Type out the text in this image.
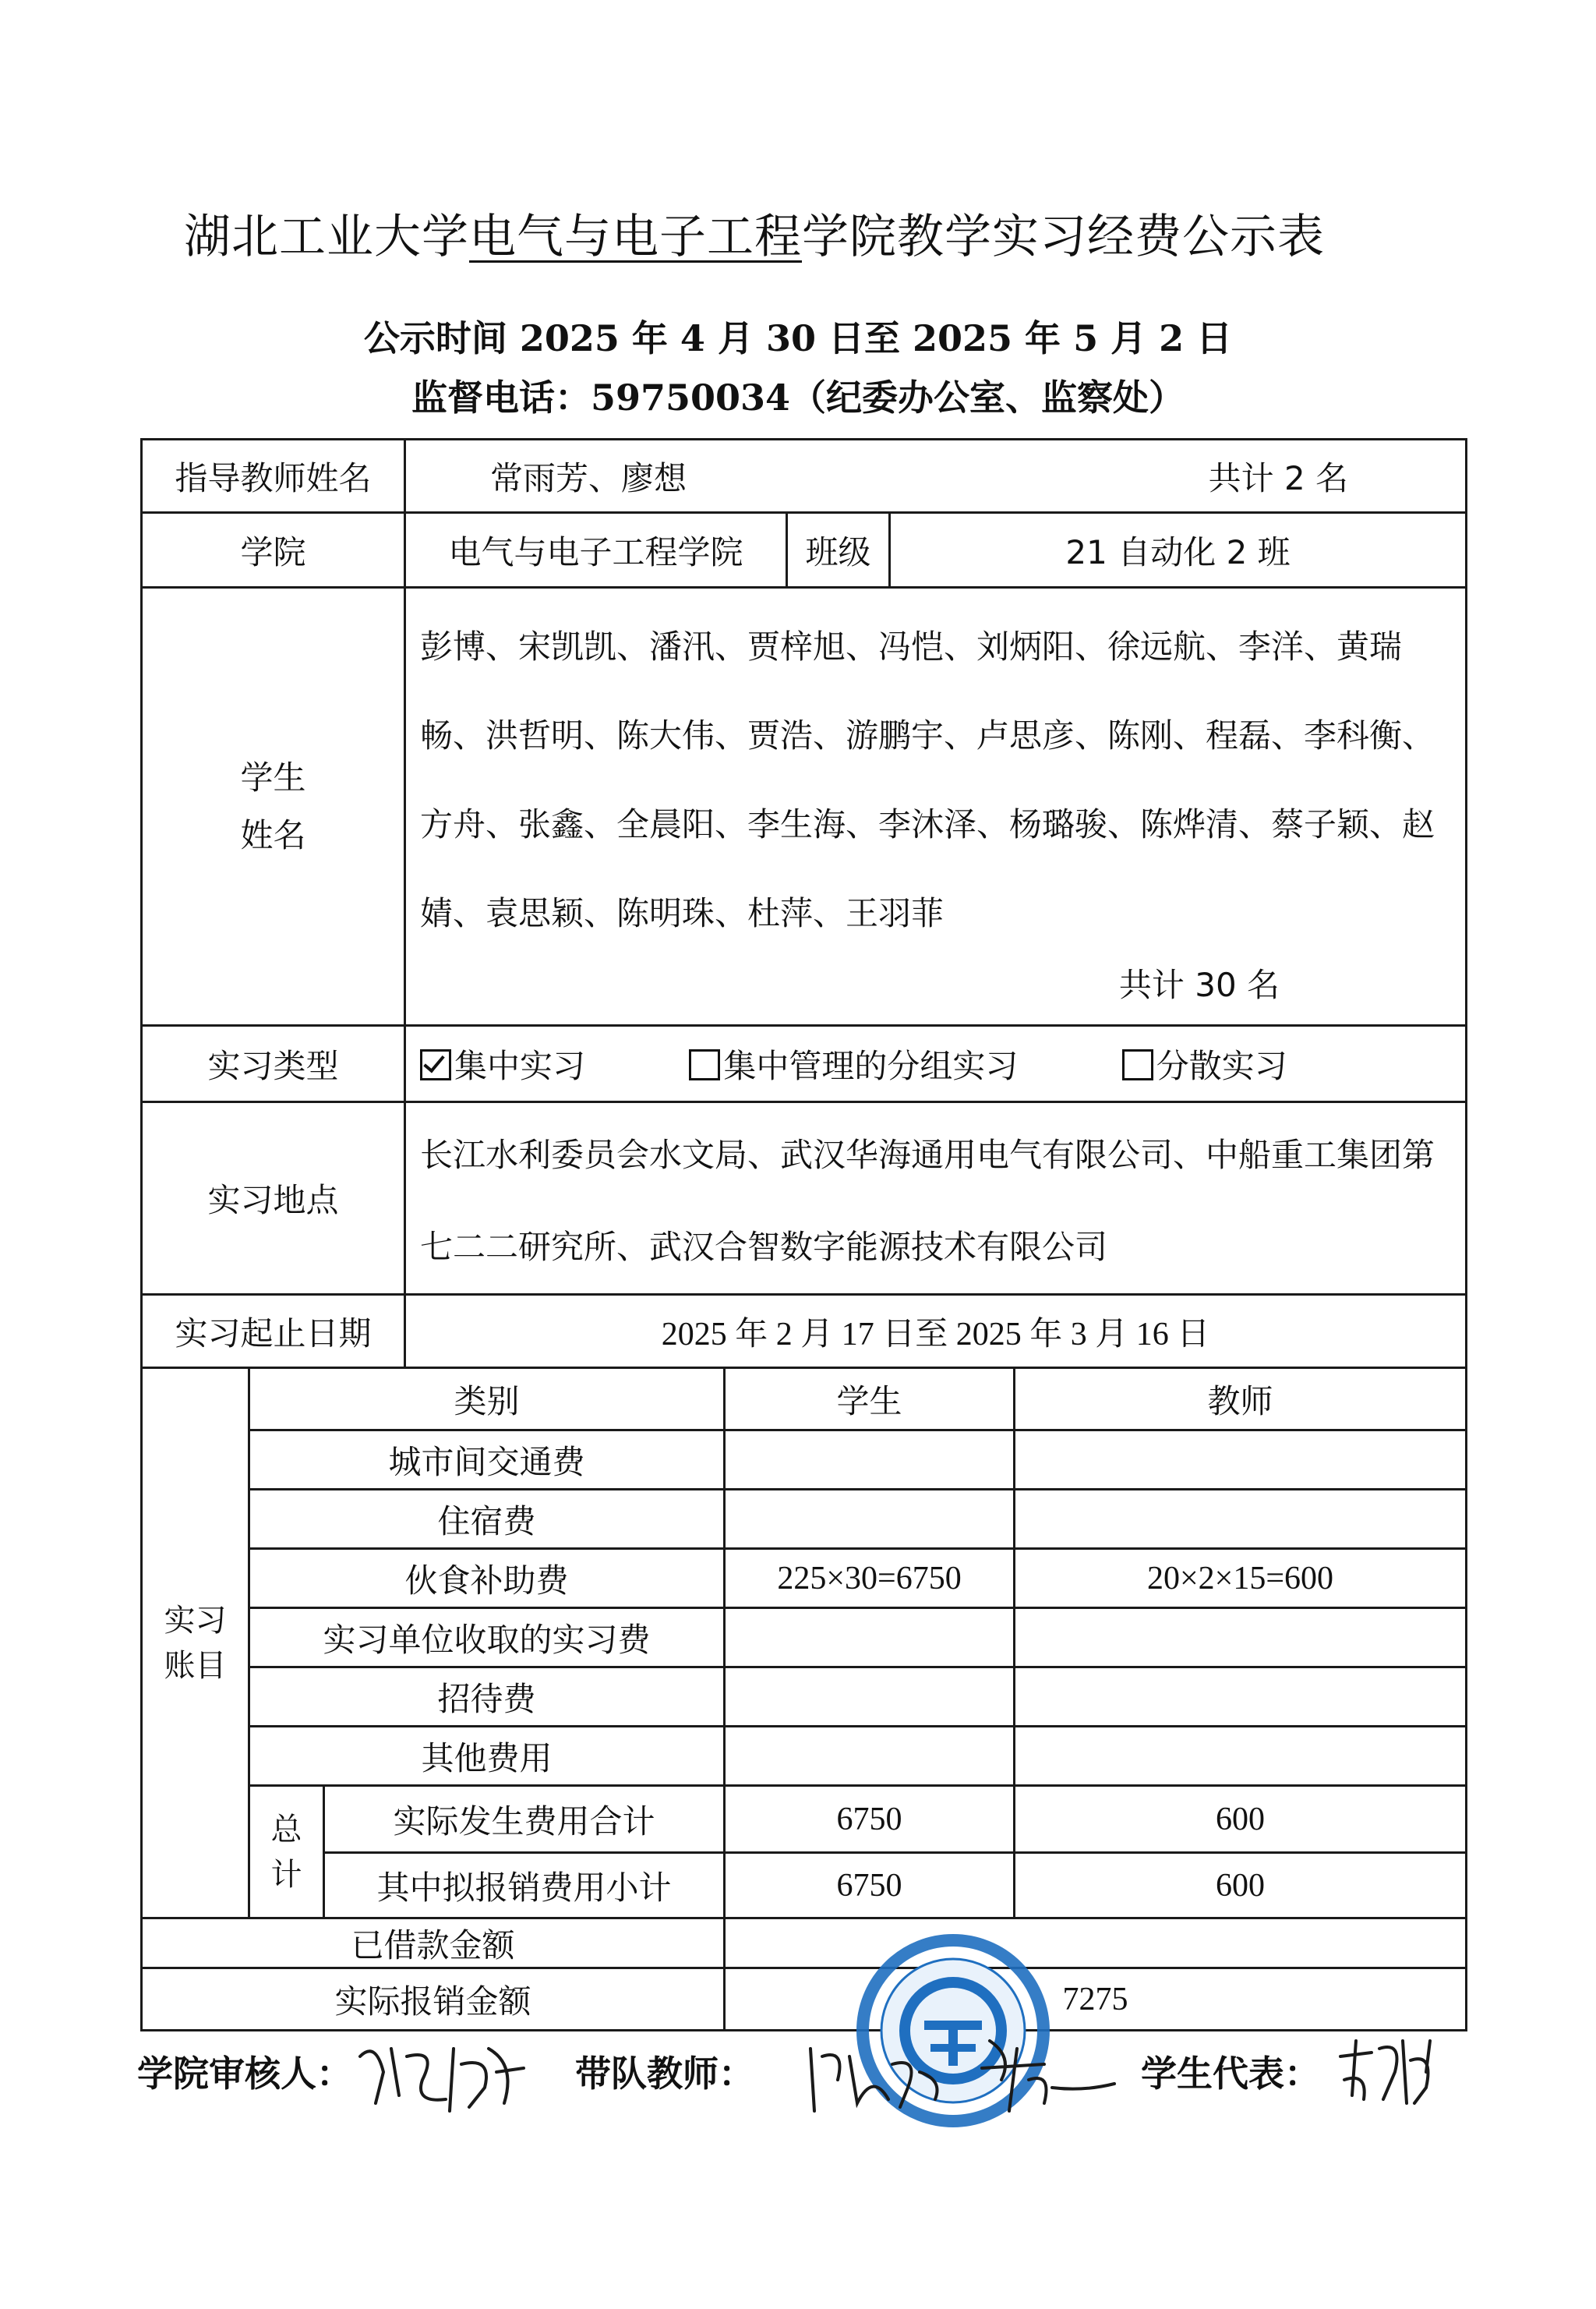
湖北工业大学电气与电子工程学院教学实习经费公示表
公示时间 2025 年 4 月 30 日至 2025 年 5 月 2 日
监督电话：59750034（纪委办公室、监察处）
指导教师姓名			常雨芳、廖想 共计 2 名				

学院			电气与电子工程学院		班级	21 自动化 2 班	
学生姓名			彭博、宋凯凯、潘汛、贾梓旭、冯恺、刘炳阳、徐远航、李洋、黄瑞畅、洪哲明、陈大伟、贾浩、游鹏宇、卢思彦、陈刚、程磊、李科衡、方舟、张鑫、全晨阳、李生海、李沐泽、杨璐骏、陈烨清、蔡子颖、赵婧、袁思颖、陈明珠、杜萍、王羽菲
共计 30 名				

实习类型			集中实习 集中管理的分组实习 分散实习				
实习地点			长江水利委员会水文局、武汉华海通用电气有限公司、中船重工集团第七二二研究所、武汉合智数字能源技术有限公司				

实习起止日期			2025 年 2 月 17 日至 2025 年 3 月 16 日				
实习账目	类别			学生			教师
	城市间交通费						
	住宿费						
	伙食补助费			225×30=6750			20×2×15=600
	实习单位收取的实习费						
	招待费						
	其他费用						
	总计	实际发生费用合计		6750			600
		其中拟报销费用小计		6750			600
已借款金额							
实际报销金额				7275			
学院审核人：	带队教师：	学生代表：
